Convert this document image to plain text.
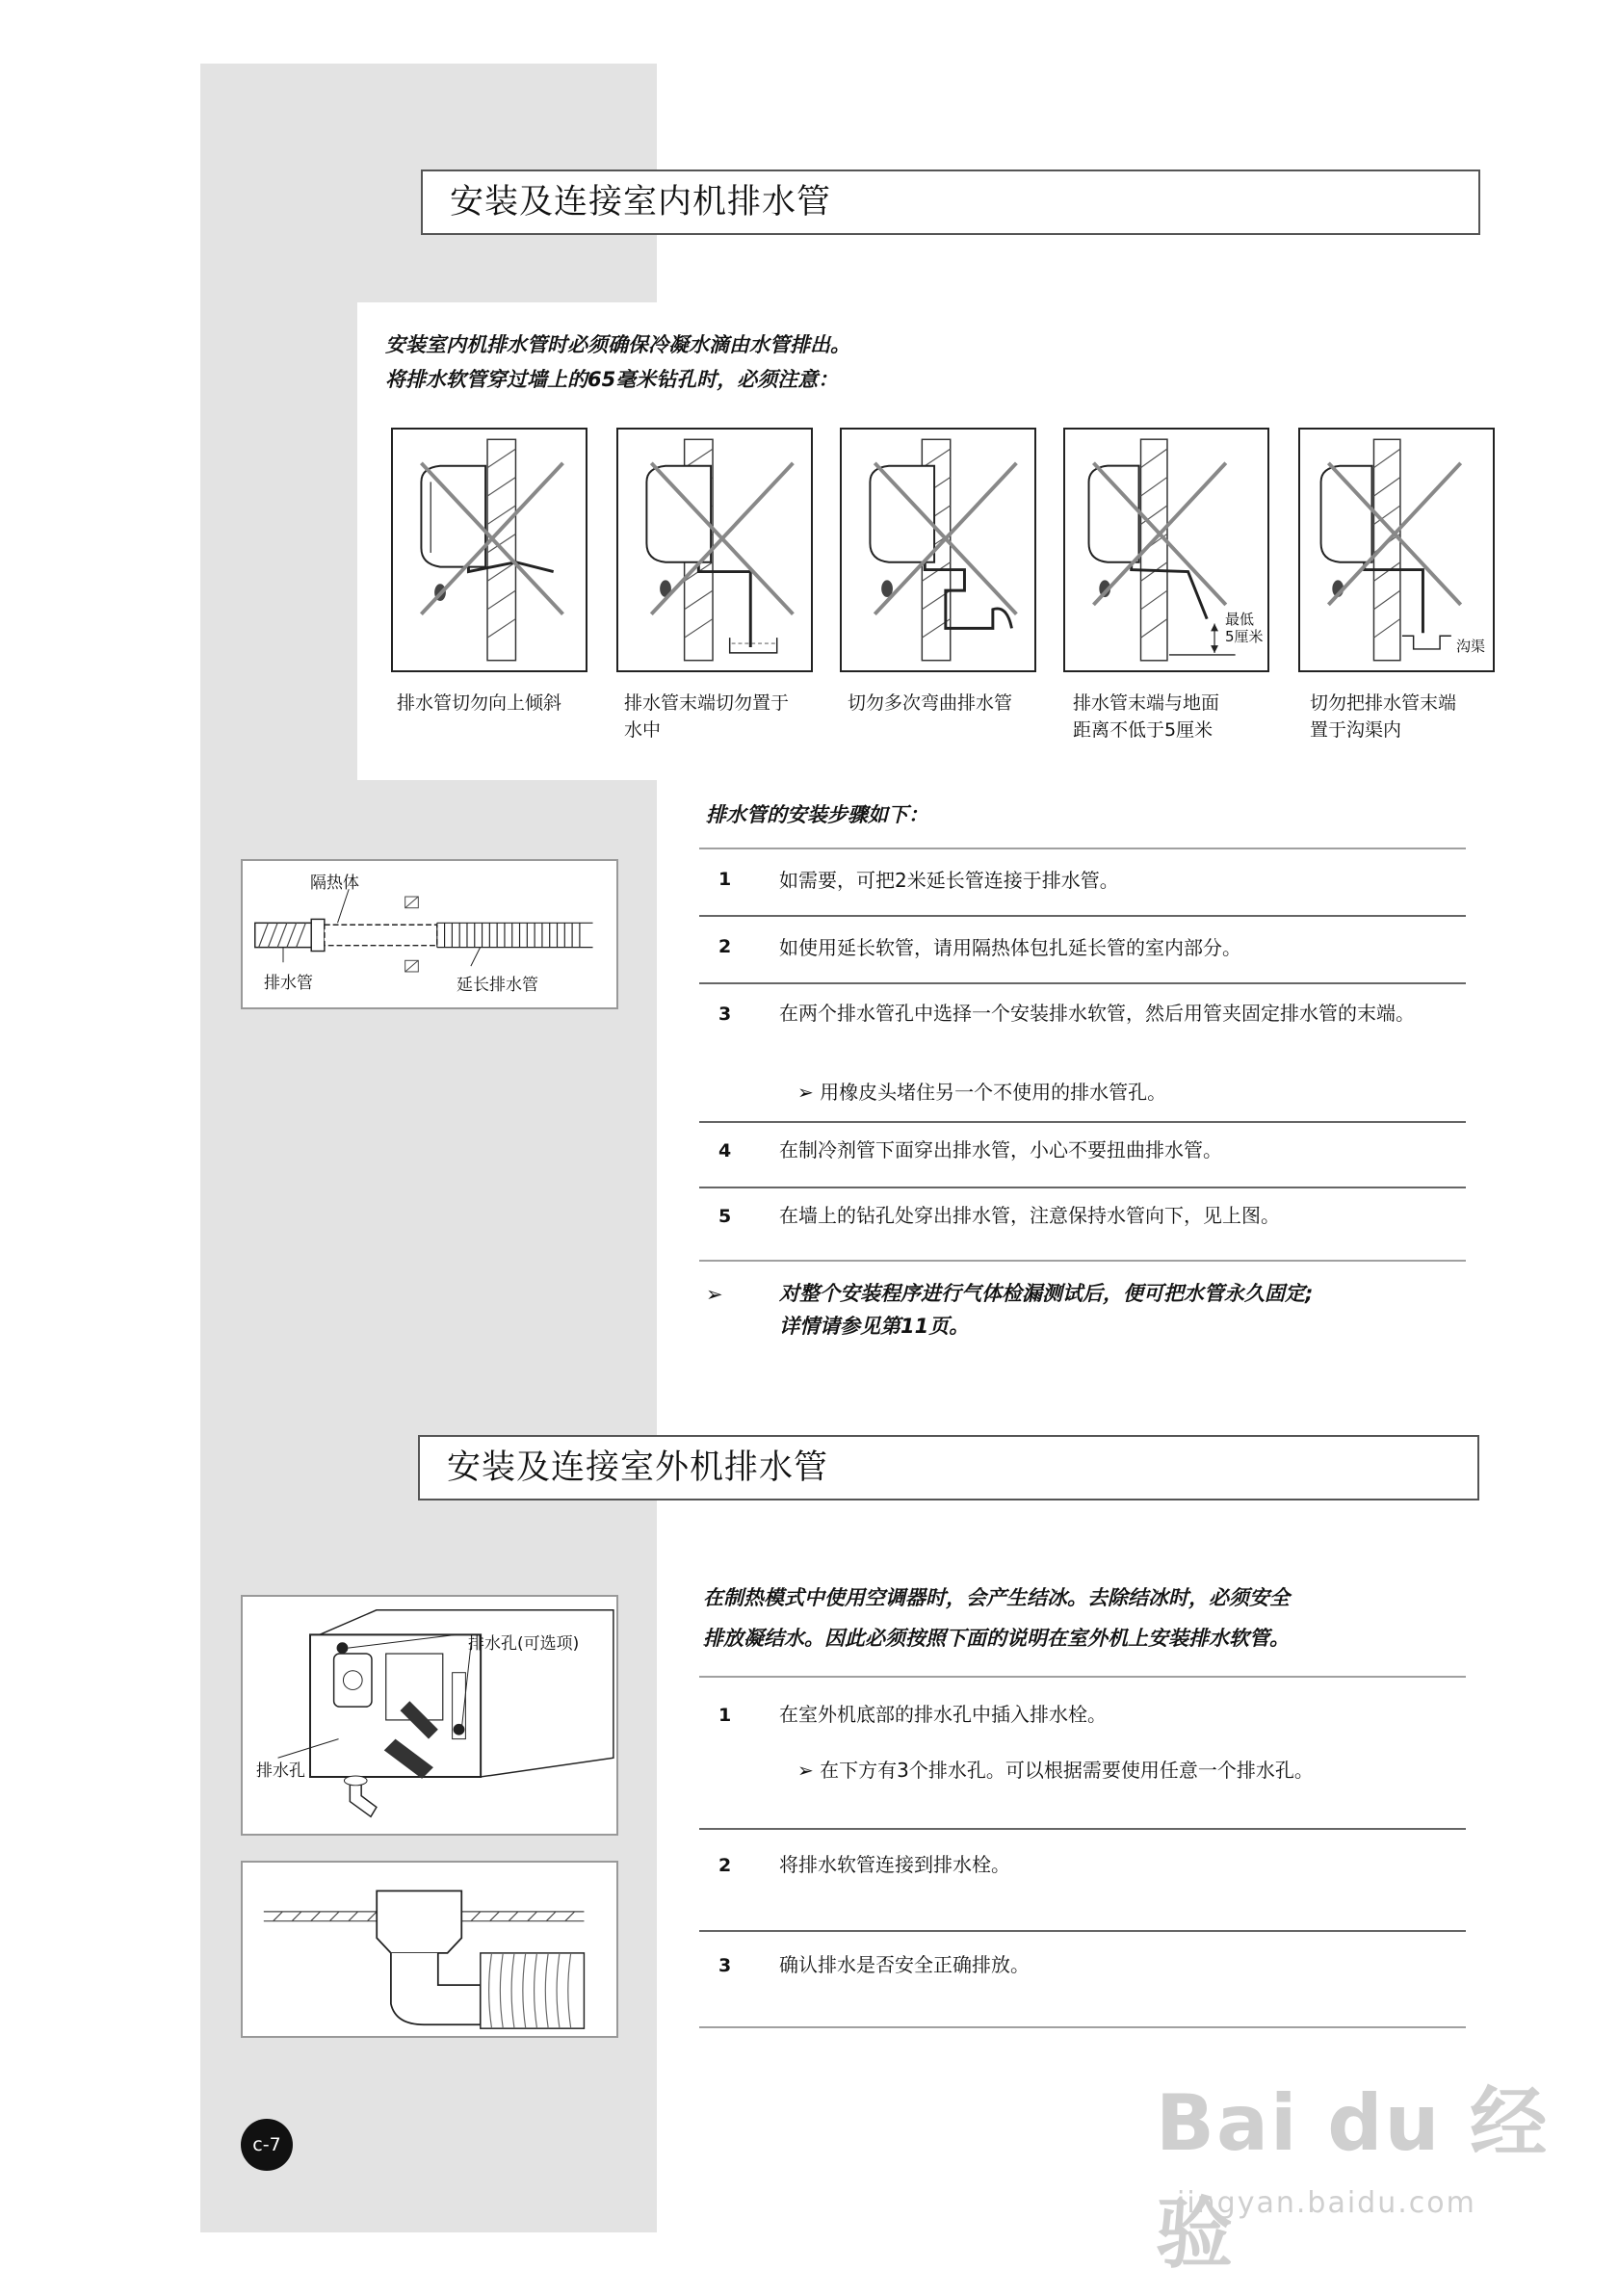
安装及连接室内机排水管
安装室内机排水管时必须确保冷凝水滴由水管排出。
将排水软管穿过墙上的65毫米钻孔时，必须注意：
排水管切勿向上倾斜	排水管末端切勿置于
水中
切勿多次弯曲排水管
最低
5厘米
排水管末端与地面
距离不低于5厘米
沟渠
切勿把排水管末端
置于沟渠内
隔热体
排水管	延长排水管
排水管的安装步骤如下：
1 如需要，可把2米延长管连接于排水管。
2 如使用延长软管，请用隔热体包扎延长管的室内部分。
3 在两个排水管孔中选择一个安装排水软管，然后用管夹固定排水管的末端。
➢ 用橡皮头堵住另一个不使用的排水管孔。
4 在制冷剂管下面穿出排水管，小心不要扭曲排水管。
5 在墙上的钻孔处穿出排水管，注意保持水管向下，见上图。
➢	对整个安装程序进行气体检漏测试后，便可把水管永久固定;
详情请参见第11页。
安装及连接室外机排水管
在制热模式中使用空调器时，会产生结冰。去除结冰时，必须安全
排放凝结水。因此必须按照下面的说明在室外机上安装排水软管。
排水孔(可选项)
排水孔
1 在室外机底部的排水孔中插入排水栓。
➢ 在下方有3个排水孔。可以根据需要使用任意一个排水孔。
2 将排水软管连接到排水栓。
3 确认排水是否安全正确排放。
c-7	Bai du 经验
jingyan.baidu.com
